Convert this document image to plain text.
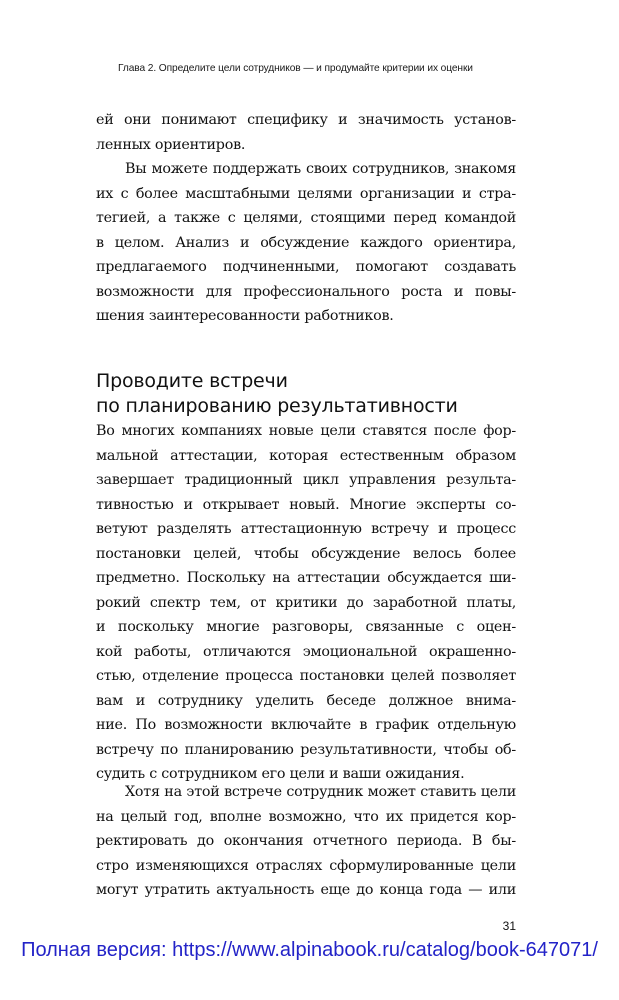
Глава 2. Определите цели сотрудников — и продумайте критерии их оценки
ей они понимают специфику и значимость установ-
ленных ориентиров.
Вы можете поддержать своих сотрудников, знакомя
их с более масштабными целями организации и стра-
тегией, а также с целями, стоящими перед командой
в целом. Анализ и обсуждение каждого ориентира,
предлагаемого подчиненными, помогают создавать
возможности для профессионального роста и повы-
шения заинтересованности работников.
Проводите встречи
по планированию результативности
Во многих компаниях новые цели ставятся после фор-
мальной аттестации, которая естественным образом
завершает традиционный цикл управления результа-
тивностью и открывает новый. Многие эксперты со-
ветуют разделять аттестационную встречу и процесс
постановки целей, чтобы обсуждение велось более
предметно. Поскольку на аттестации обсуждается ши-
рокий спектр тем, от критики до заработной платы,
и поскольку многие разговоры, связанные с оцен-
кой работы, отличаются эмоциональной окрашенно-
стью, отделение процесса постановки целей позволяет
вам и сотруднику уделить беседе должное внима-
ние. По возможности включайте в график отдельную
встречу по планированию результативности, чтобы об-
судить с сотрудником его цели и ваши ожидания.
Хотя на этой встрече сотрудник может ставить цели
на целый год, вполне возможно, что их придется кор-
ректировать до окончания отчетного периода. В бы-
стро изменяющихся отраслях сформулированные цели
могут утратить актуальность еще до конца года — или
31
Полная версия: https://www.alpinabook.ru/catalog/book-647071/
